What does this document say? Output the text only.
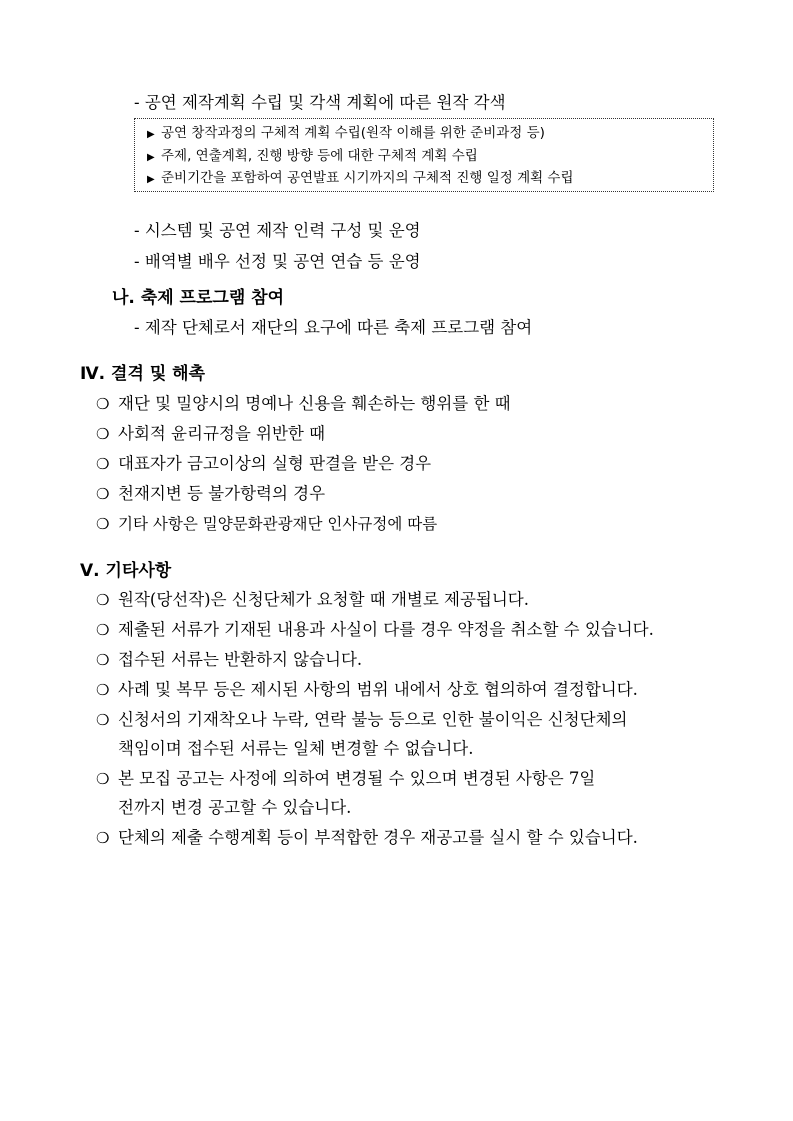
- 공연 제작계획 수립 및 각색 계획에 따른 원작 각색
▶ 공연 창작과정의 구체적 계획 수립(원작 이해를 위한 준비과정 등)
▶ 주제, 연출계획, 진행 방향 등에 대한 구체적 계획 수립
▶ 준비기간을 포함하여 공연발표 시기까지의 구체적 진행 일정 계획 수립
- 시스템 및 공연 제작 인력 구성 및 운영
- 배역별 배우 선정 및 공연 연습 등 운영
나. 축제 프로그램 참여
- 제작 단체로서 재단의 요구에 따른 축제 프로그램 참여
Ⅳ. 결격 및 해촉
❍ 재단 및 밀양시의 명예나 신용을 훼손하는 행위를 한 때
❍ 사회적 윤리규정을 위반한 때
❍ 대표자가 금고이상의 실형 판결을 받은 경우
❍ 천재지변 등 불가항력의 경우
❍ 기타 사항은 밀양문화관광재단 인사규정에 따름
Ⅴ. 기타사항
❍ 원작(당선작)은 신청단체가 요청할 때 개별로 제공됩니다.
❍ 제출된 서류가 기재된 내용과 사실이 다를 경우 약정을 취소할 수 있습니다.
❍ 접수된 서류는 반환하지 않습니다.
❍ 사례 및 복무 등은 제시된 사항의 범위 내에서 상호 협의하여 결정합니다.
❍ 신청서의 기재착오나 누락, 연락 불능 등으로 인한 불이익은 신청단체의
책임이며 접수된 서류는 일체 변경할 수 없습니다.
❍ 본 모집 공고는 사정에 의하여 변경될 수 있으며 변경된 사항은 7일
전까지 변경 공고할 수 있습니다.
❍ 단체의 제출 수행계획 등이 부적합한 경우 재공고를 실시 할 수 있습니다.
